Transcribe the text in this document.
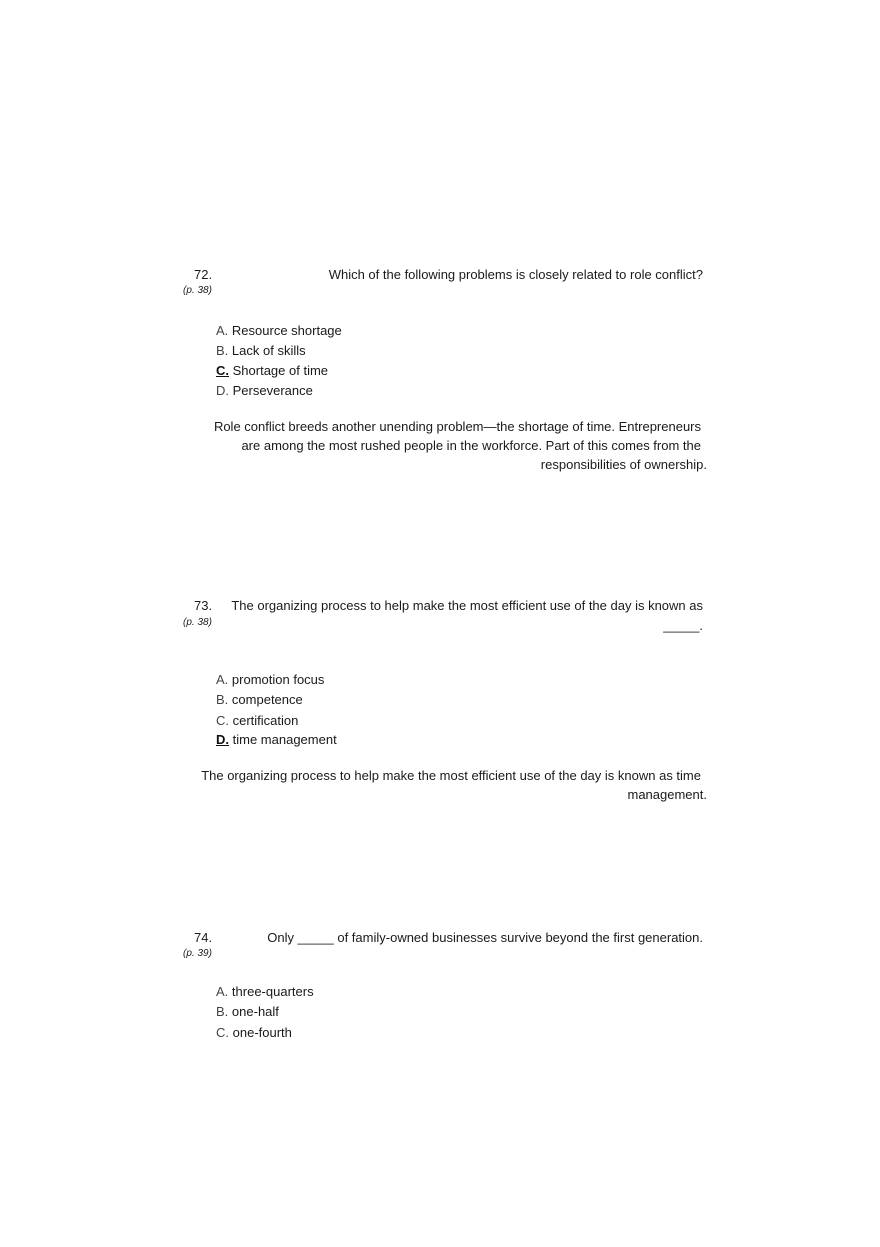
72.
(p. 38)
Which of the following problems is closely related to role conflict?
A. Resource shortage
B. Lack of skills
C. Shortage of time
D. Perseverance
Role conflict breeds another unending problem—the shortage of time. Entrepreneurs
are among the most rushed people in the workforce. Part of this comes from the
responsibilities of ownership.
73.
(p. 38)
The organizing process to help make the most efficient use of the day is known as
_____.
A. promotion focus
B. competence
C. certification
D. time management
The organizing process to help make the most efficient use of the day is known as time
management.
74.
(p. 39)
Only _____ of family-owned businesses survive beyond the first generation.
A. three-quarters
B. one-half
C. one-fourth
